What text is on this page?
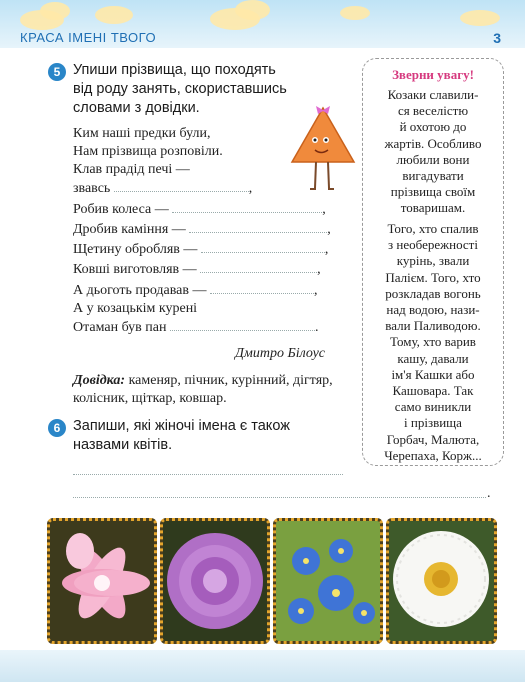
КРАСА ІМЕНІ ТВОГО	3
5 Упиши прізвища, що походять
від роду занять, скориставшись
словами з довідки.
Ким наші предки були,
Нам прізвища розповіли.
Клав прадід печі —
звавсь	,
Робив колеса —	,
Дробив каміння —	,
Щетину обробляв —	,
Ковші виготовляв —	,
А дьоготь продавав —	,
А у козацькім курені
Отаман був пан	.
Дмитро Білоус
Довідка: каменяр, пічник, курінний, дігтяр, колісник, щіткар, ковшар.
6 Запиши, які жіночі імена є також
назвами квітів.
.
Зверни увагу!
Козаки славили-
ся веселістю
й охотою до
жартів. Особливо
любили вони
вигадувати
прізвища своїм
товаришам.
Того, хто спалив
з необережності
курінь, звали
Палієм. Того, хто
розкладав вогонь
над водою, нази-
вали Паливодою.
Тому, хто варив
кашу, давали
ім'я Кашки або
Кашовара. Так
само виникли
і прізвища
Горбач, Малюта,
Черепаха, Корж...
